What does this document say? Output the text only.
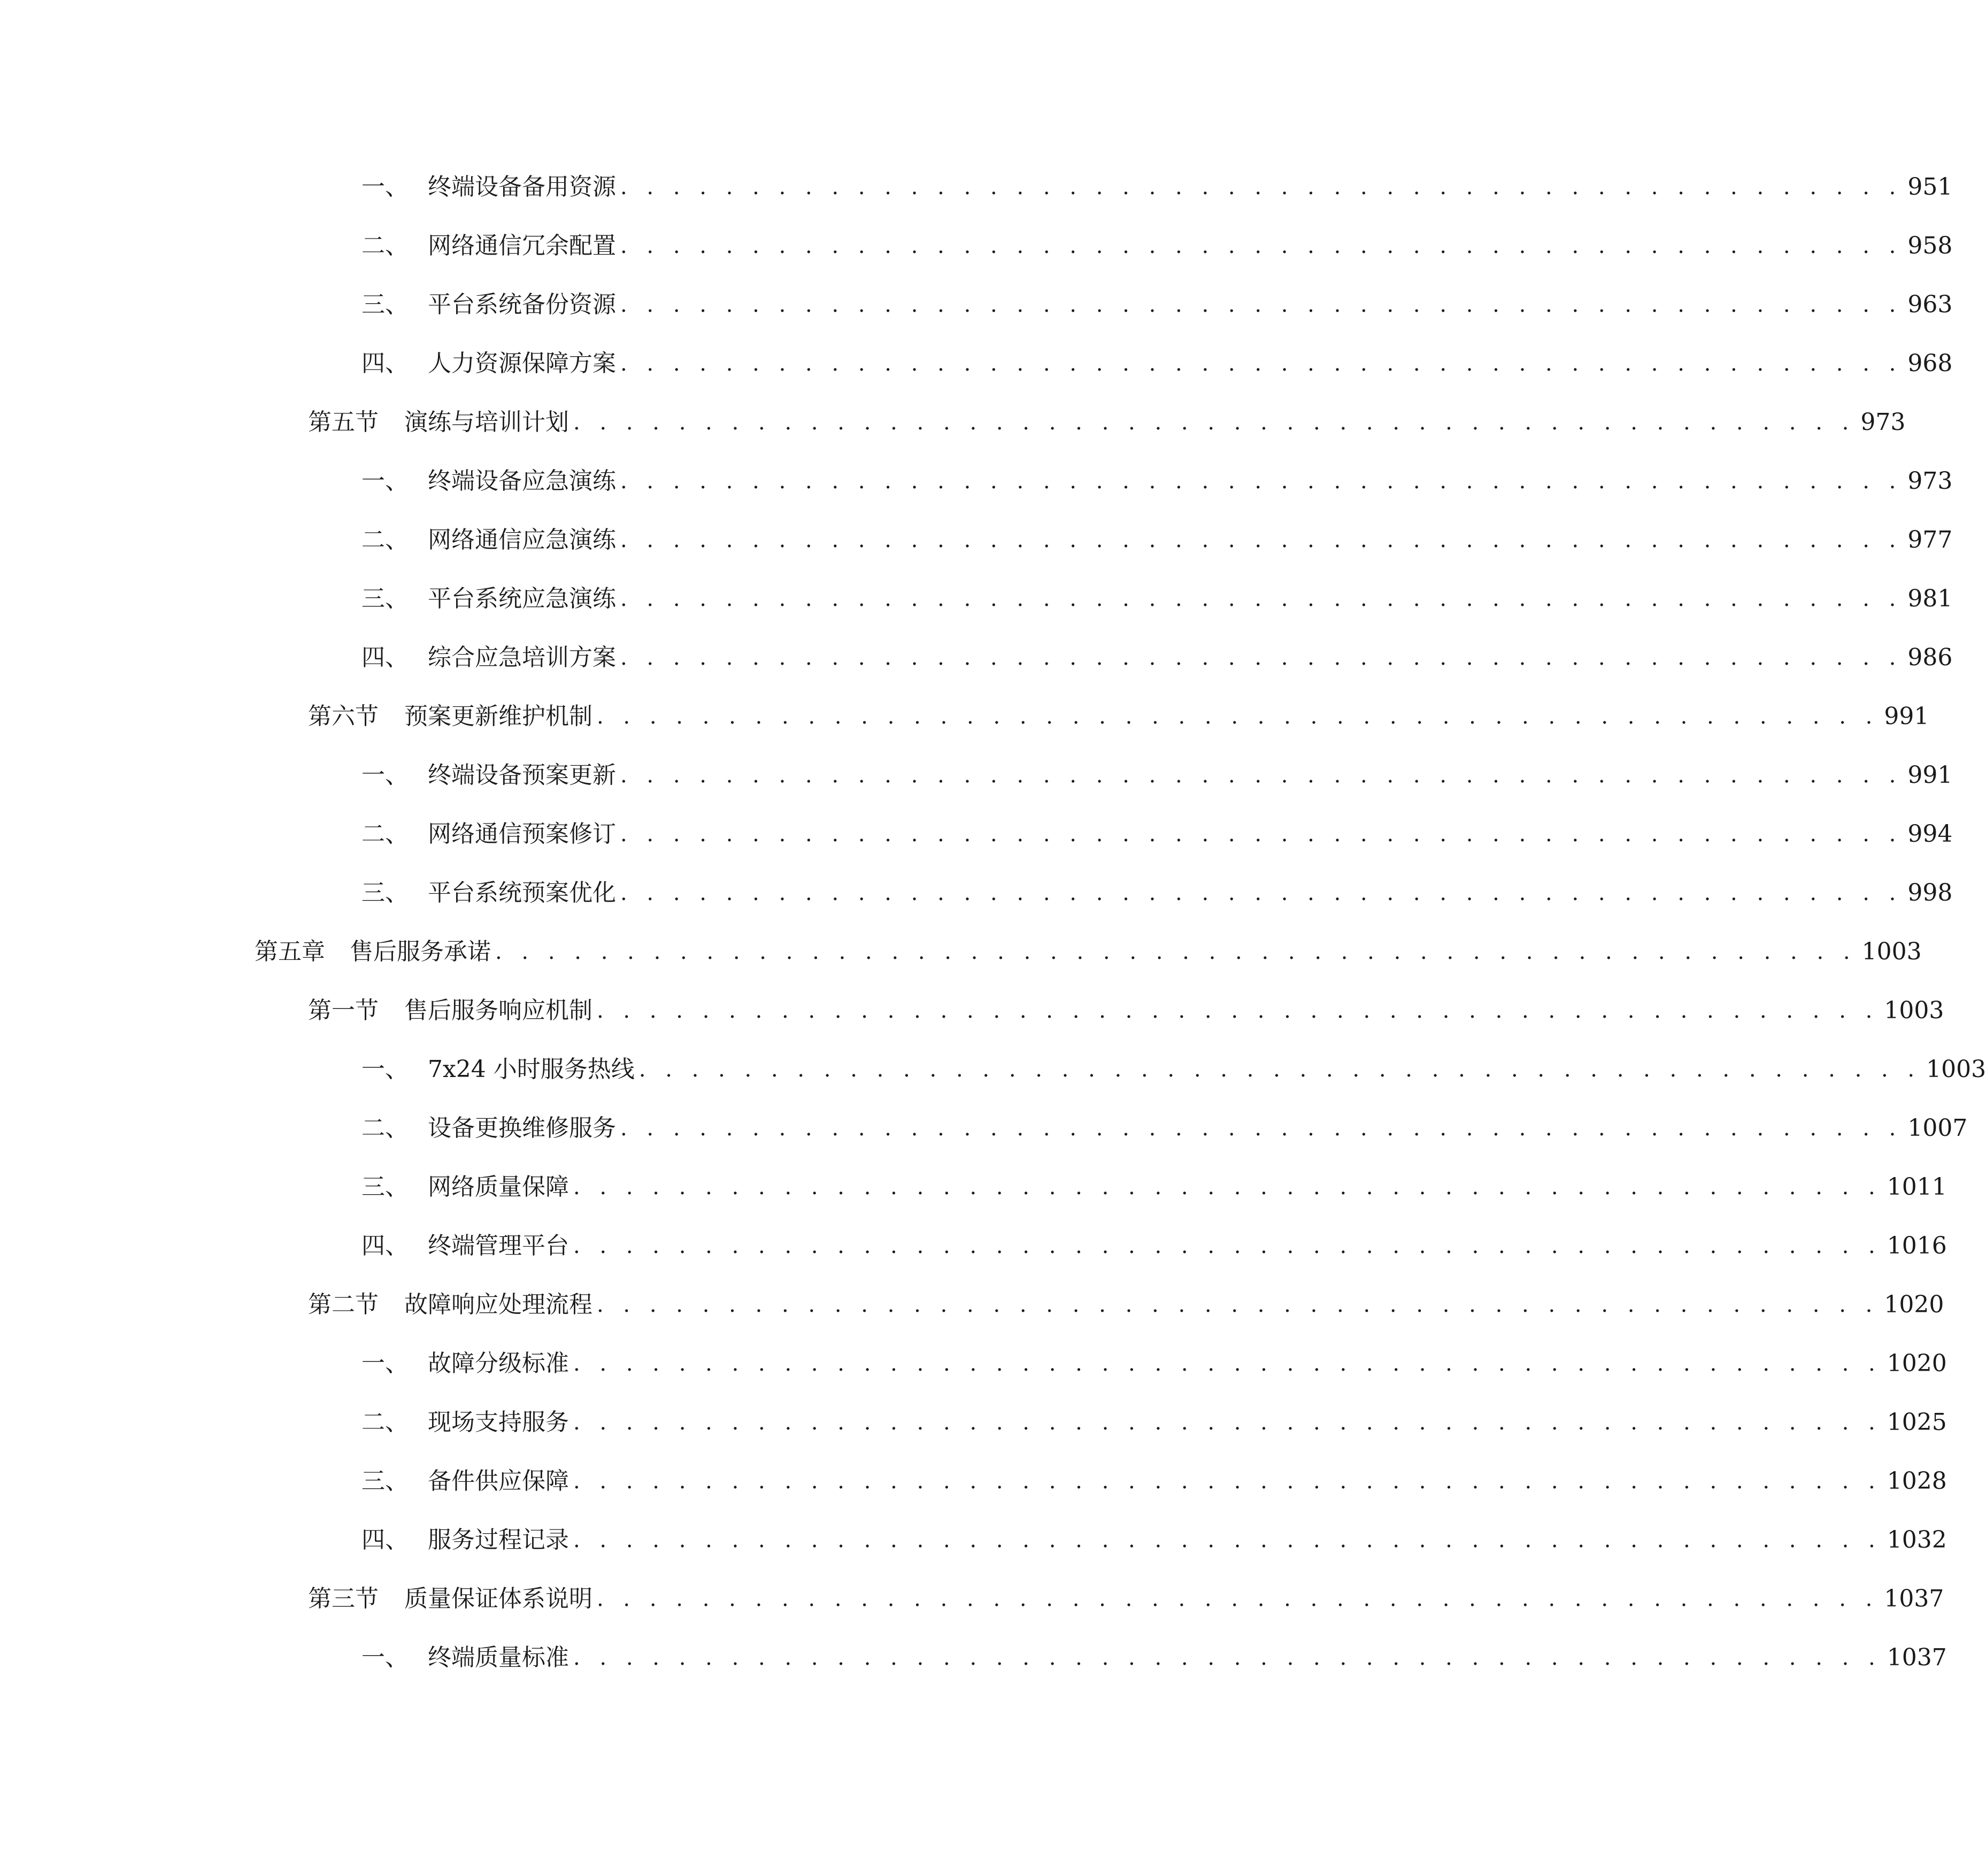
一、 终端设备备用资源 . . . . . . . . . . . . . . . . . . . . . . . . . . . . . . . . . . . . . . . . . . . . . . . . . 951
二、 网络通信冗余配置 . . . . . . . . . . . . . . . . . . . . . . . . . . . . . . . . . . . . . . . . . . . . . . . . . 958
三、 平台系统备份资源 . . . . . . . . . . . . . . . . . . . . . . . . . . . . . . . . . . . . . . . . . . . . . . . . . 963
四、 人力资源保障方案 . . . . . . . . . . . . . . . . . . . . . . . . . . . . . . . . . . . . . . . . . . . . . . . . . 968
第五节	演练与培训计划 . . . . . . . . . . . . . . . . . . . . . . . . . . . . . . . . . . . . . . . . . . . . . . . . . 973
一、 终端设备应急演练 . . . . . . . . . . . . . . . . . . . . . . . . . . . . . . . . . . . . . . . . . . . . . . . . . 973
二、 网络通信应急演练 . . . . . . . . . . . . . . . . . . . . . . . . . . . . . . . . . . . . . . . . . . . . . . . . . 977
三、 平台系统应急演练 . . . . . . . . . . . . . . . . . . . . . . . . . . . . . . . . . . . . . . . . . . . . . . . . . 981
四、 综合应急培训方案 . . . . . . . . . . . . . . . . . . . . . . . . . . . . . . . . . . . . . . . . . . . . . . . . . 986
第六节	预案更新维护机制 . . . . . . . . . . . . . . . . . . . . . . . . . . . . . . . . . . . . . . . . . . . . . . . . . 991
一、 终端设备预案更新 . . . . . . . . . . . . . . . . . . . . . . . . . . . . . . . . . . . . . . . . . . . . . . . . . 991
二、 网络通信预案修订 . . . . . . . . . . . . . . . . . . . . . . . . . . . . . . . . . . . . . . . . . . . . . . . . . 994
三、 平台系统预案优化 . . . . . . . . . . . . . . . . . . . . . . . . . . . . . . . . . . . . . . . . . . . . . . . . . 998
第五章	售后服务承诺 . . . . . . . . . . . . . . . . . . . . . . . . . . . . . . . . . . . . . . . . . . . . . . . . . . . . 1003
第一节	售后服务响应机制 . . . . . . . . . . . . . . . . . . . . . . . . . . . . . . . . . . . . . . . . . . . . . . . . . 1003
一、 7x24 小时服务热线 . . . . . . . . . . . . . . . . . . . . . . . . . . . . . . . . . . . . . . . . . . . . . . . . . 1003
二、 设备更换维修服务 . . . . . . . . . . . . . . . . . . . . . . . . . . . . . . . . . . . . . . . . . . . . . . . . . 1007
三、 网络质量保障 . . . . . . . . . . . . . . . . . . . . . . . . . . . . . . . . . . . . . . . . . . . . . . . . . . 1011
四、 终端管理平台 . . . . . . . . . . . . . . . . . . . . . . . . . . . . . . . . . . . . . . . . . . . . . . . . . . 1016
第二节	故障响应处理流程 . . . . . . . . . . . . . . . . . . . . . . . . . . . . . . . . . . . . . . . . . . . . . . . . . 1020
一、 故障分级标准 . . . . . . . . . . . . . . . . . . . . . . . . . . . . . . . . . . . . . . . . . . . . . . . . . . 1020
二、 现场支持服务 . . . . . . . . . . . . . . . . . . . . . . . . . . . . . . . . . . . . . . . . . . . . . . . . . . 1025
三、 备件供应保障 . . . . . . . . . . . . . . . . . . . . . . . . . . . . . . . . . . . . . . . . . . . . . . . . . . 1028
四、 服务过程记录 . . . . . . . . . . . . . . . . . . . . . . . . . . . . . . . . . . . . . . . . . . . . . . . . . . 1032
第三节	质量保证体系说明 . . . . . . . . . . . . . . . . . . . . . . . . . . . . . . . . . . . . . . . . . . . . . . . . . 1037
一、 终端质量标准 . . . . . . . . . . . . . . . . . . . . . . . . . . . . . . . . . . . . . . . . . . . . . . . . . . 1037
